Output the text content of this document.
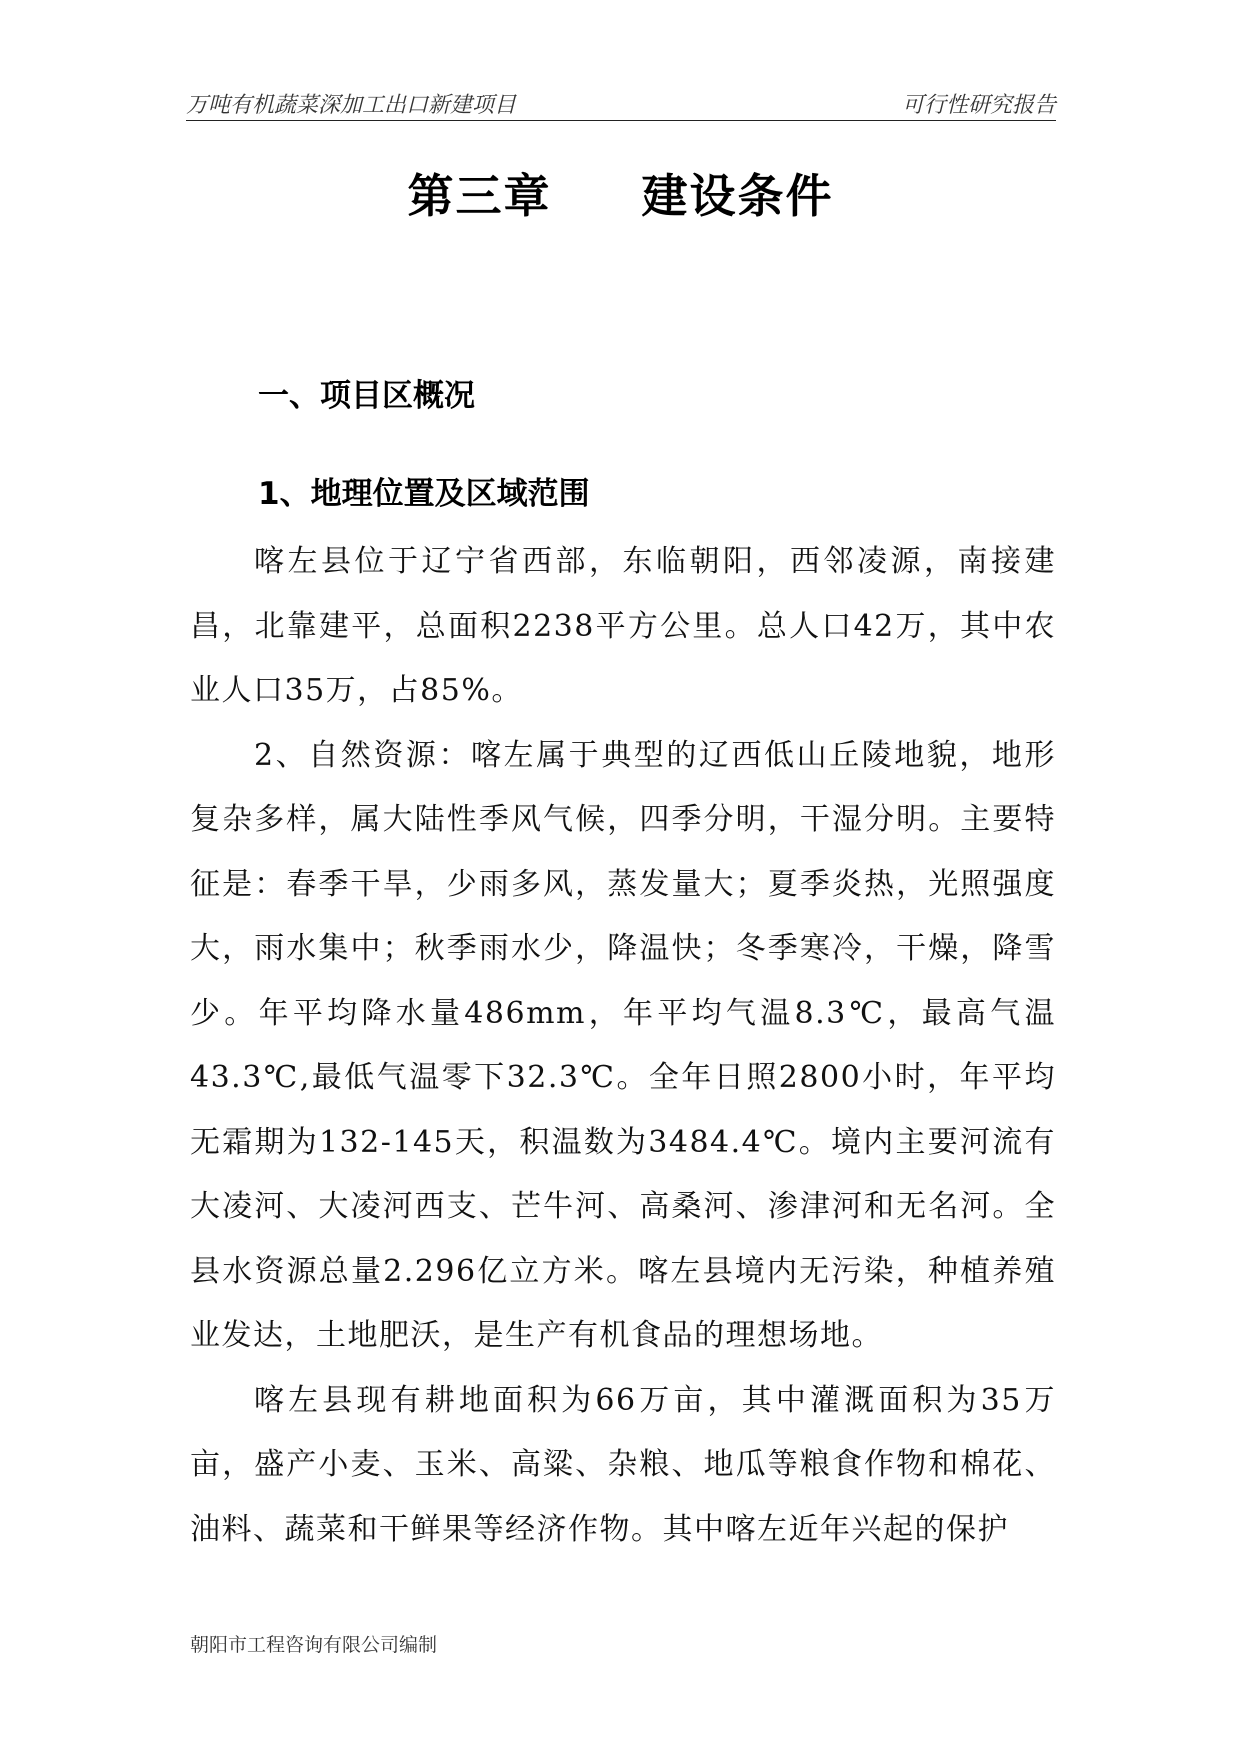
万吨有机蔬菜深加工出口新建项目	可行性研究报告
第三章 建设条件
一、项目区概况
1、地理位置及区域范围

喀左县位于辽宁省西部，东临朝阳，西邻凌源，南接建昌，北靠建平，总面积2238平方公里。总人口42万，其中农业人口35万，占85%。

2、自然资源：喀左属于典型的辽西低山丘陵地貌，地形复杂多样，属大陆性季风气候，四季分明，干湿分明。主要特征是：春季干旱，少雨多风，蒸发量大；夏季炎热，光照强度大，雨水集中；秋季雨水少，降温快；冬季寒冷，干燥，降雪少。年平均降水量486mm，年平均气温8.3℃，最高气温43.3℃,最低气温零下32.3℃。全年日照2800小时，年平均无霜期为132-145天，积温数为3484.4℃。境内主要河流有大凌河、大凌河西支、芒牛河、高桑河、渗津河和无名河。全县水资源总量2.296亿立方米。喀左县境内无污染，种植养殖业发达，土地肥沃，是生产有机食品的理想场地。

喀左县现有耕地面积为66万亩，其中灌溉面积为35万亩，盛产小麦、玉米、高粱、杂粮、地瓜等粮食作物和棉花、油料、蔬菜和干鲜果等经济作物。其中喀左近年兴起的保护

朝阳市工程咨询有限公司编制
